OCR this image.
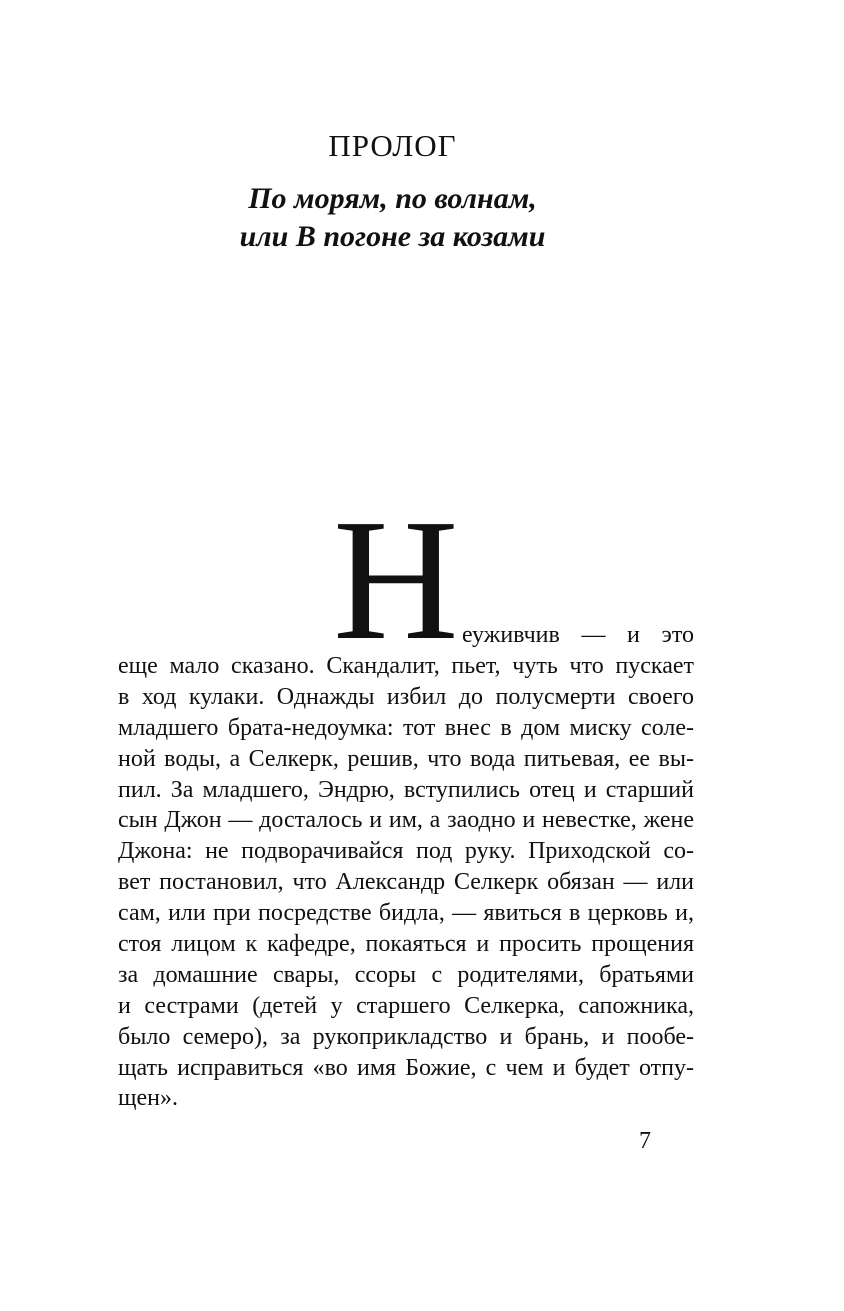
ПРОЛОГ
По морям, по волнам,
или В погоне за козами
Н еуживчив — и это
еще мало сказано. Скандалит, пьет, чуть что пускает
в ход кулаки. Однажды избил до полусмерти своего
младшего брата-недоумка: тот внес в дом миску соле-
ной воды, а Селкерк, решив, что вода питьевая, ее вы-
пил. За младшего, Эндрю, вступились отец и старший
сын Джон — досталось и им, а заодно и невестке, жене
Джона: не подворачивайся под руку. Приходской со-
вет постановил, что Александр Селкерк обязан — или
сам, или при посредстве бидла, — явиться в церковь и,
стоя лицом к кафедре, покаяться и просить прощения
за домашние свары, ссоры с родителями, братьями
и сестрами (детей у старшего Селкерка, сапожника,
было семеро), за рукоприкладство и брань, и пообе-
щать исправиться «во имя Божие, с чем и будет отпу-
щен».
7
